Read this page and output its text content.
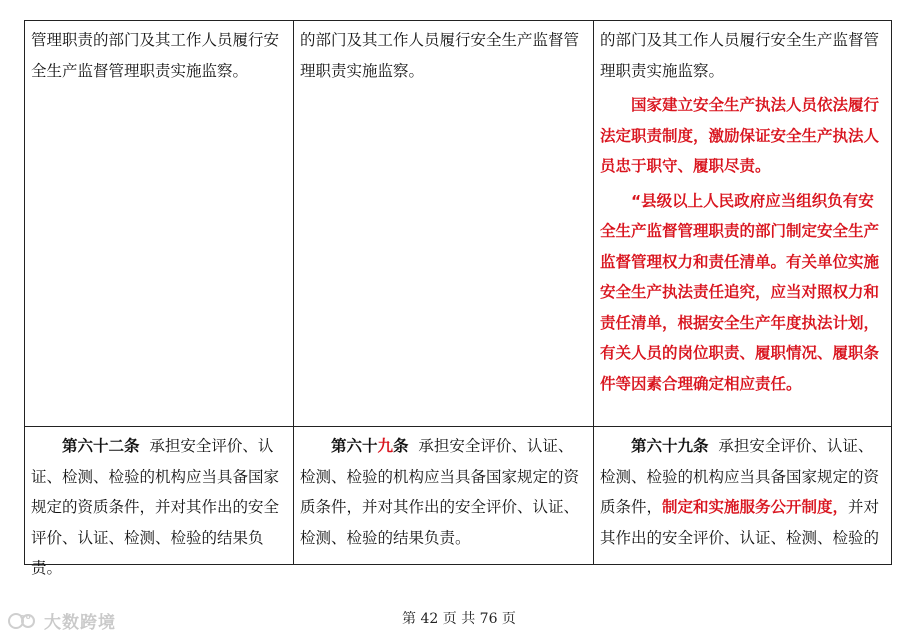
管理职责的部门及其工作人员履行安全生产监督管理职责实施监察。

的部门及其工作人员履行安全生产监督管理职责实施监察。

的部门及其工作人员履行安全生产监督管理职责实施监察。

国家建立安全生产执法人员依法履行法定职责制度，激励保证安全生产执法人员忠于职守、履职尽责。

“县级以上人民政府应当组织负有安全生产监督管理职责的部门制定安全生产监督管理权力和责任清单。有关单位实施安全生产执法责任追究，应当对照权力和责任清单，根据安全生产年度执法计划，有关人员的岗位职责、履职情况、履职条件等因素合理确定相应责任。

第六十二条 承担安全评价、认证、检测、检验的机构应当具备国家规定的资质条件，并对其作出的安全评价、认证、检测、检验的结果负责。

第六十九条 承担安全评价、认证、检测、检验的机构应当具备国家规定的资质条件，并对其作出的安全评价、认证、检测、检验的结果负责。

第六十九条 承担安全评价、认证、检测、检验的机构应当具备国家规定的资质条件，制定和实施服务公开制度，并对其作出的安全评价、认证、检测、检验的

oo 大数跨境	第 42 页 共 76 页
